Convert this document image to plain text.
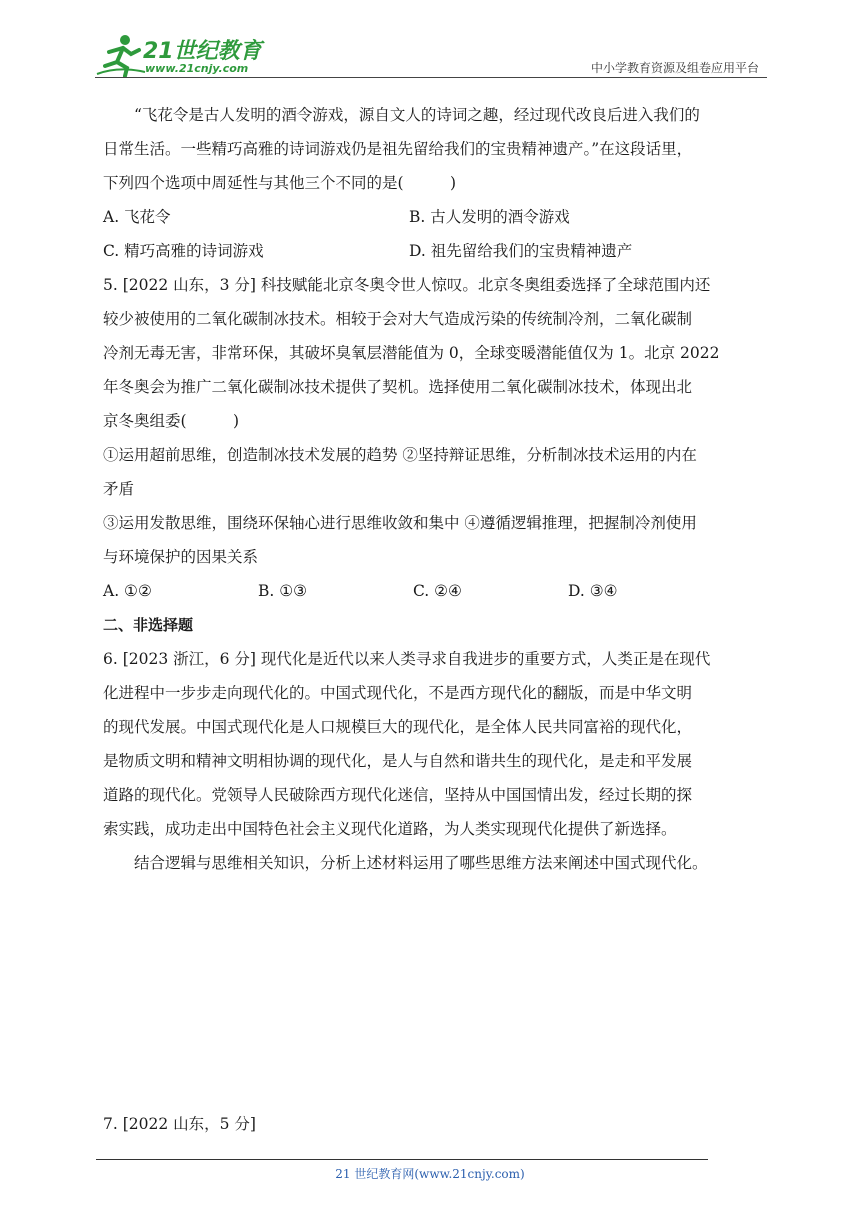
21世纪教育
www.21cnjy.com	中小学教育资源及组卷应用平台

“飞花令是古人发明的酒令游戏，源自文人的诗词之趣，经过现代改良后进入我们的

日常生活。一些精巧高雅的诗词游戏仍是祖先留给我们的宝贵精神遗产。”在这段话里，

下列四个选项中周延性与其他三个不同的是(　　　)

A. 飞花令	B. 古人发明的酒令游戏
C. 精巧高雅的诗词游戏	D. 祖先留给我们的宝贵精神遗产

5. [2022 山东，3 分] 科技赋能北京冬奥令世人惊叹。北京冬奥组委选择了全球范围内还

较少被使用的二氧化碳制冰技术。相较于会对大气造成污染的传统制冷剂，二氧化碳制

冷剂无毒无害，非常环保，其破坏臭氧层潜能值为 0，全球变暖潜能值仅为 1。北京 2022

年冬奥会为推广二氧化碳制冰技术提供了契机。选择使用二氧化碳制冰技术，体现出北

京冬奥组委(　　　)

①运用超前思维，创造制冰技术发展的趋势 ②坚持辩证思维，分析制冰技术运用的内在

矛盾

③运用发散思维，围绕环保轴心进行思维收敛和集中 ④遵循逻辑推理，把握制冷剂使用

与环境保护的因果关系

A. ①②	B. ①③	C. ②④	D. ③④

二、非选择题

6. [2023 浙江，6 分] 现代化是近代以来人类寻求自我进步的重要方式，人类正是在现代

化进程中一步步走向现代化的。中国式现代化，不是西方现代化的翻版，而是中华文明

的现代发展。中国式现代化是人口规模巨大的现代化，是全体人民共同富裕的现代化，

是物质文明和精神文明相协调的现代化，是人与自然和谐共生的现代化，是走和平发展

道路的现代化。党领导人民破除西方现代化迷信，坚持从中国国情出发，经过长期的探

索实践，成功走出中国特色社会主义现代化道路，为人类实现现代化提供了新选择。

结合逻辑与思维相关知识，分析上述材料运用了哪些思维方法来阐述中国式现代化。

7. [2022 山东，5 分]
21 世纪教育网(www.21cnjy.com)
